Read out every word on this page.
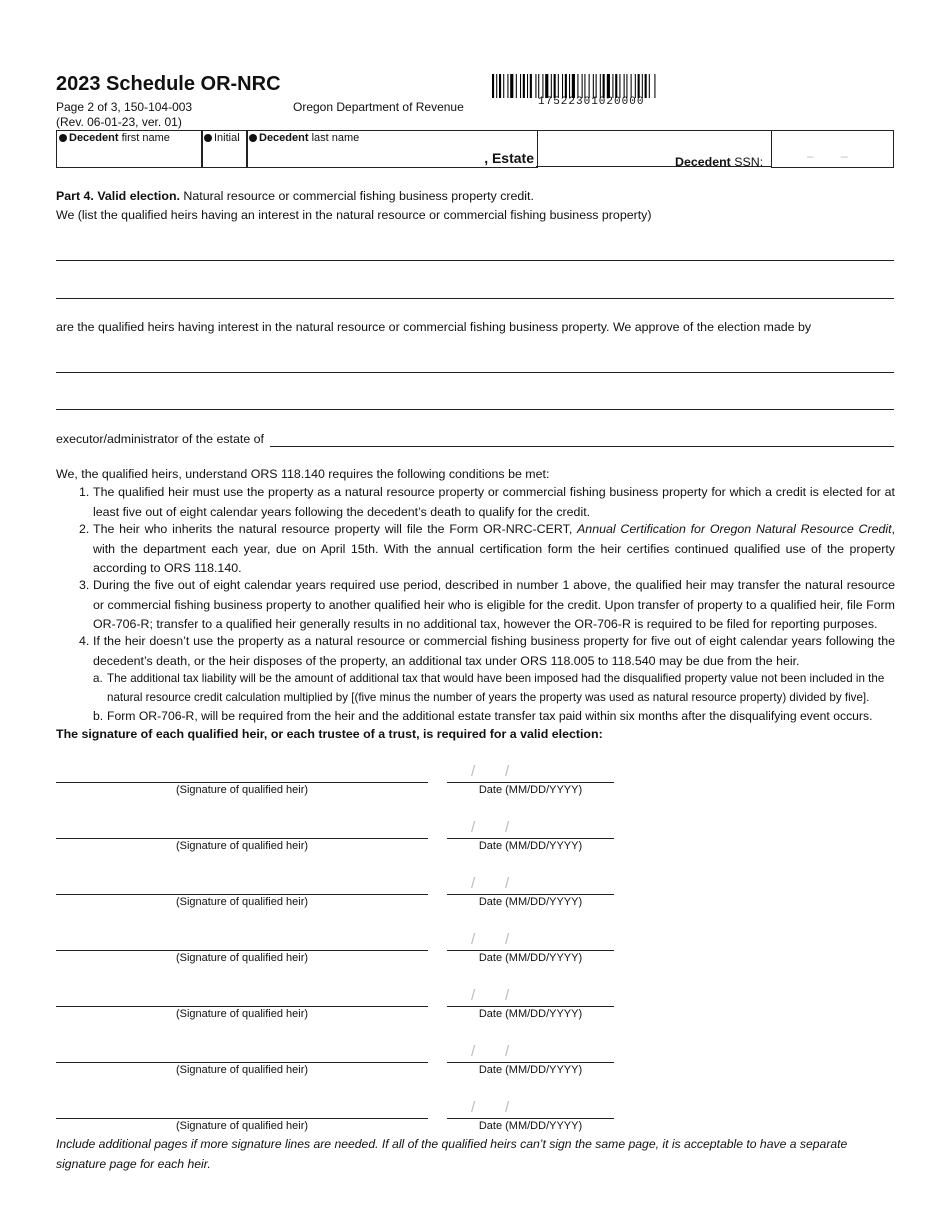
2023 Schedule OR-NRC
Page 2 of 3, 150-104-003
(Rev. 06-01-23, ver. 01)
Oregon Department of Revenue	17522301020000
Decedent first name	Initial	Decedent last name
, Estate	Decedent SSN:	– –
Part 4. Valid election. Natural resource or commercial fishing business property credit.
We (list the qualified heirs having an interest in the natural resource or commercial fishing business property)
are the qualified heirs having interest in the natural resource or commercial fishing business property. We approve of the election made by
executor/administrator of the estate of
We, the qualified heirs, understand ORS 118.140 requires the following conditions be met:
1. The qualified heir must use the property as a natural resource property or commercial fishing business property for which a credit is elected for at least five out of eight calendar years following the decedent’s death to qualify for the credit.
2. The heir who inherits the natural resource property will file the Form OR-NRC-CERT, Annual Certification for Oregon Natural Resource Credit, with the department each year, due on April 15th. With the annual certification form the heir certifies continued qualified use of the property according to ORS 118.140.
3. During the five out of eight calendar years required use period, described in number 1 above, the qualified heir may transfer the natural resource or commercial fishing business property to another qualified heir who is eligible for the credit. Upon transfer of property to a qualified heir, file Form OR-706-R; transfer to a qualified heir generally results in no additional tax, however the OR-706-R is required to be filed for reporting purposes.
4. If the heir doesn’t use the property as a natural resource or commercial fishing business property for five out of eight calendar years following the decedent’s death, or the heir disposes of the property, an additional tax under ORS 118.005 to 118.540 may be due from the heir.
a. The additional tax liability will be the amount of additional tax that would have been imposed had the disqualified property value not been included in the natural resource credit calculation multiplied by [(five minus the number of years the property was used as natural resource property) divided by five].
b. Form OR-706-R, will be required from the heir and the additional estate transfer tax paid within six months after the disqualifying event occurs.
The signature of each qualified heir, or each trustee of a trust, is required for a valid election:
(Signature of qualified heir)
/ /
Date (MM/DD/YYYY)
(Signature of qualified heir)
/ /
Date (MM/DD/YYYY)
(Signature of qualified heir)
/ /
Date (MM/DD/YYYY)
(Signature of qualified heir)
/ /
Date (MM/DD/YYYY)
(Signature of qualified heir)
/ /
Date (MM/DD/YYYY)
(Signature of qualified heir)
/ /
Date (MM/DD/YYYY)
(Signature of qualified heir)
/ /
Date (MM/DD/YYYY)
Include additional pages if more signature lines are needed. If all of the qualified heirs can’t sign the same page, it is acceptable to have a separate signature page for each heir.
